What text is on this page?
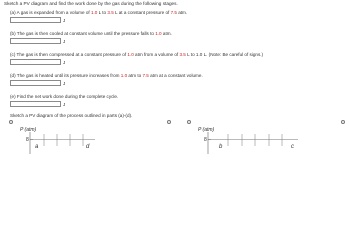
Sketch a PV diagram and find the work done by the gas during the following stages.
(a) A gas is expanded from a volume of 1.0 L to 3.5 L at a constant pressure of 7.5 atm.
J
(b) The gas is then cooled at constant volume until the pressure falls to 1.0 atm.
J
(c) The gas is then compressed at a constant pressure of 1.0 atm from a volume of 3.5 L to 1.0 L. (Note: Be careful of signs.)
J
(d) The gas is heated until its pressure increases from 1.0 atm to 7.5 atm at a constant volume.
J
(e) Find the net work done during the complete cycle.
J
Sketch a PV diagram of the process outlined in parts (a)-(d).
P (atm)
8
a	d
P (atm)
8
b	c
